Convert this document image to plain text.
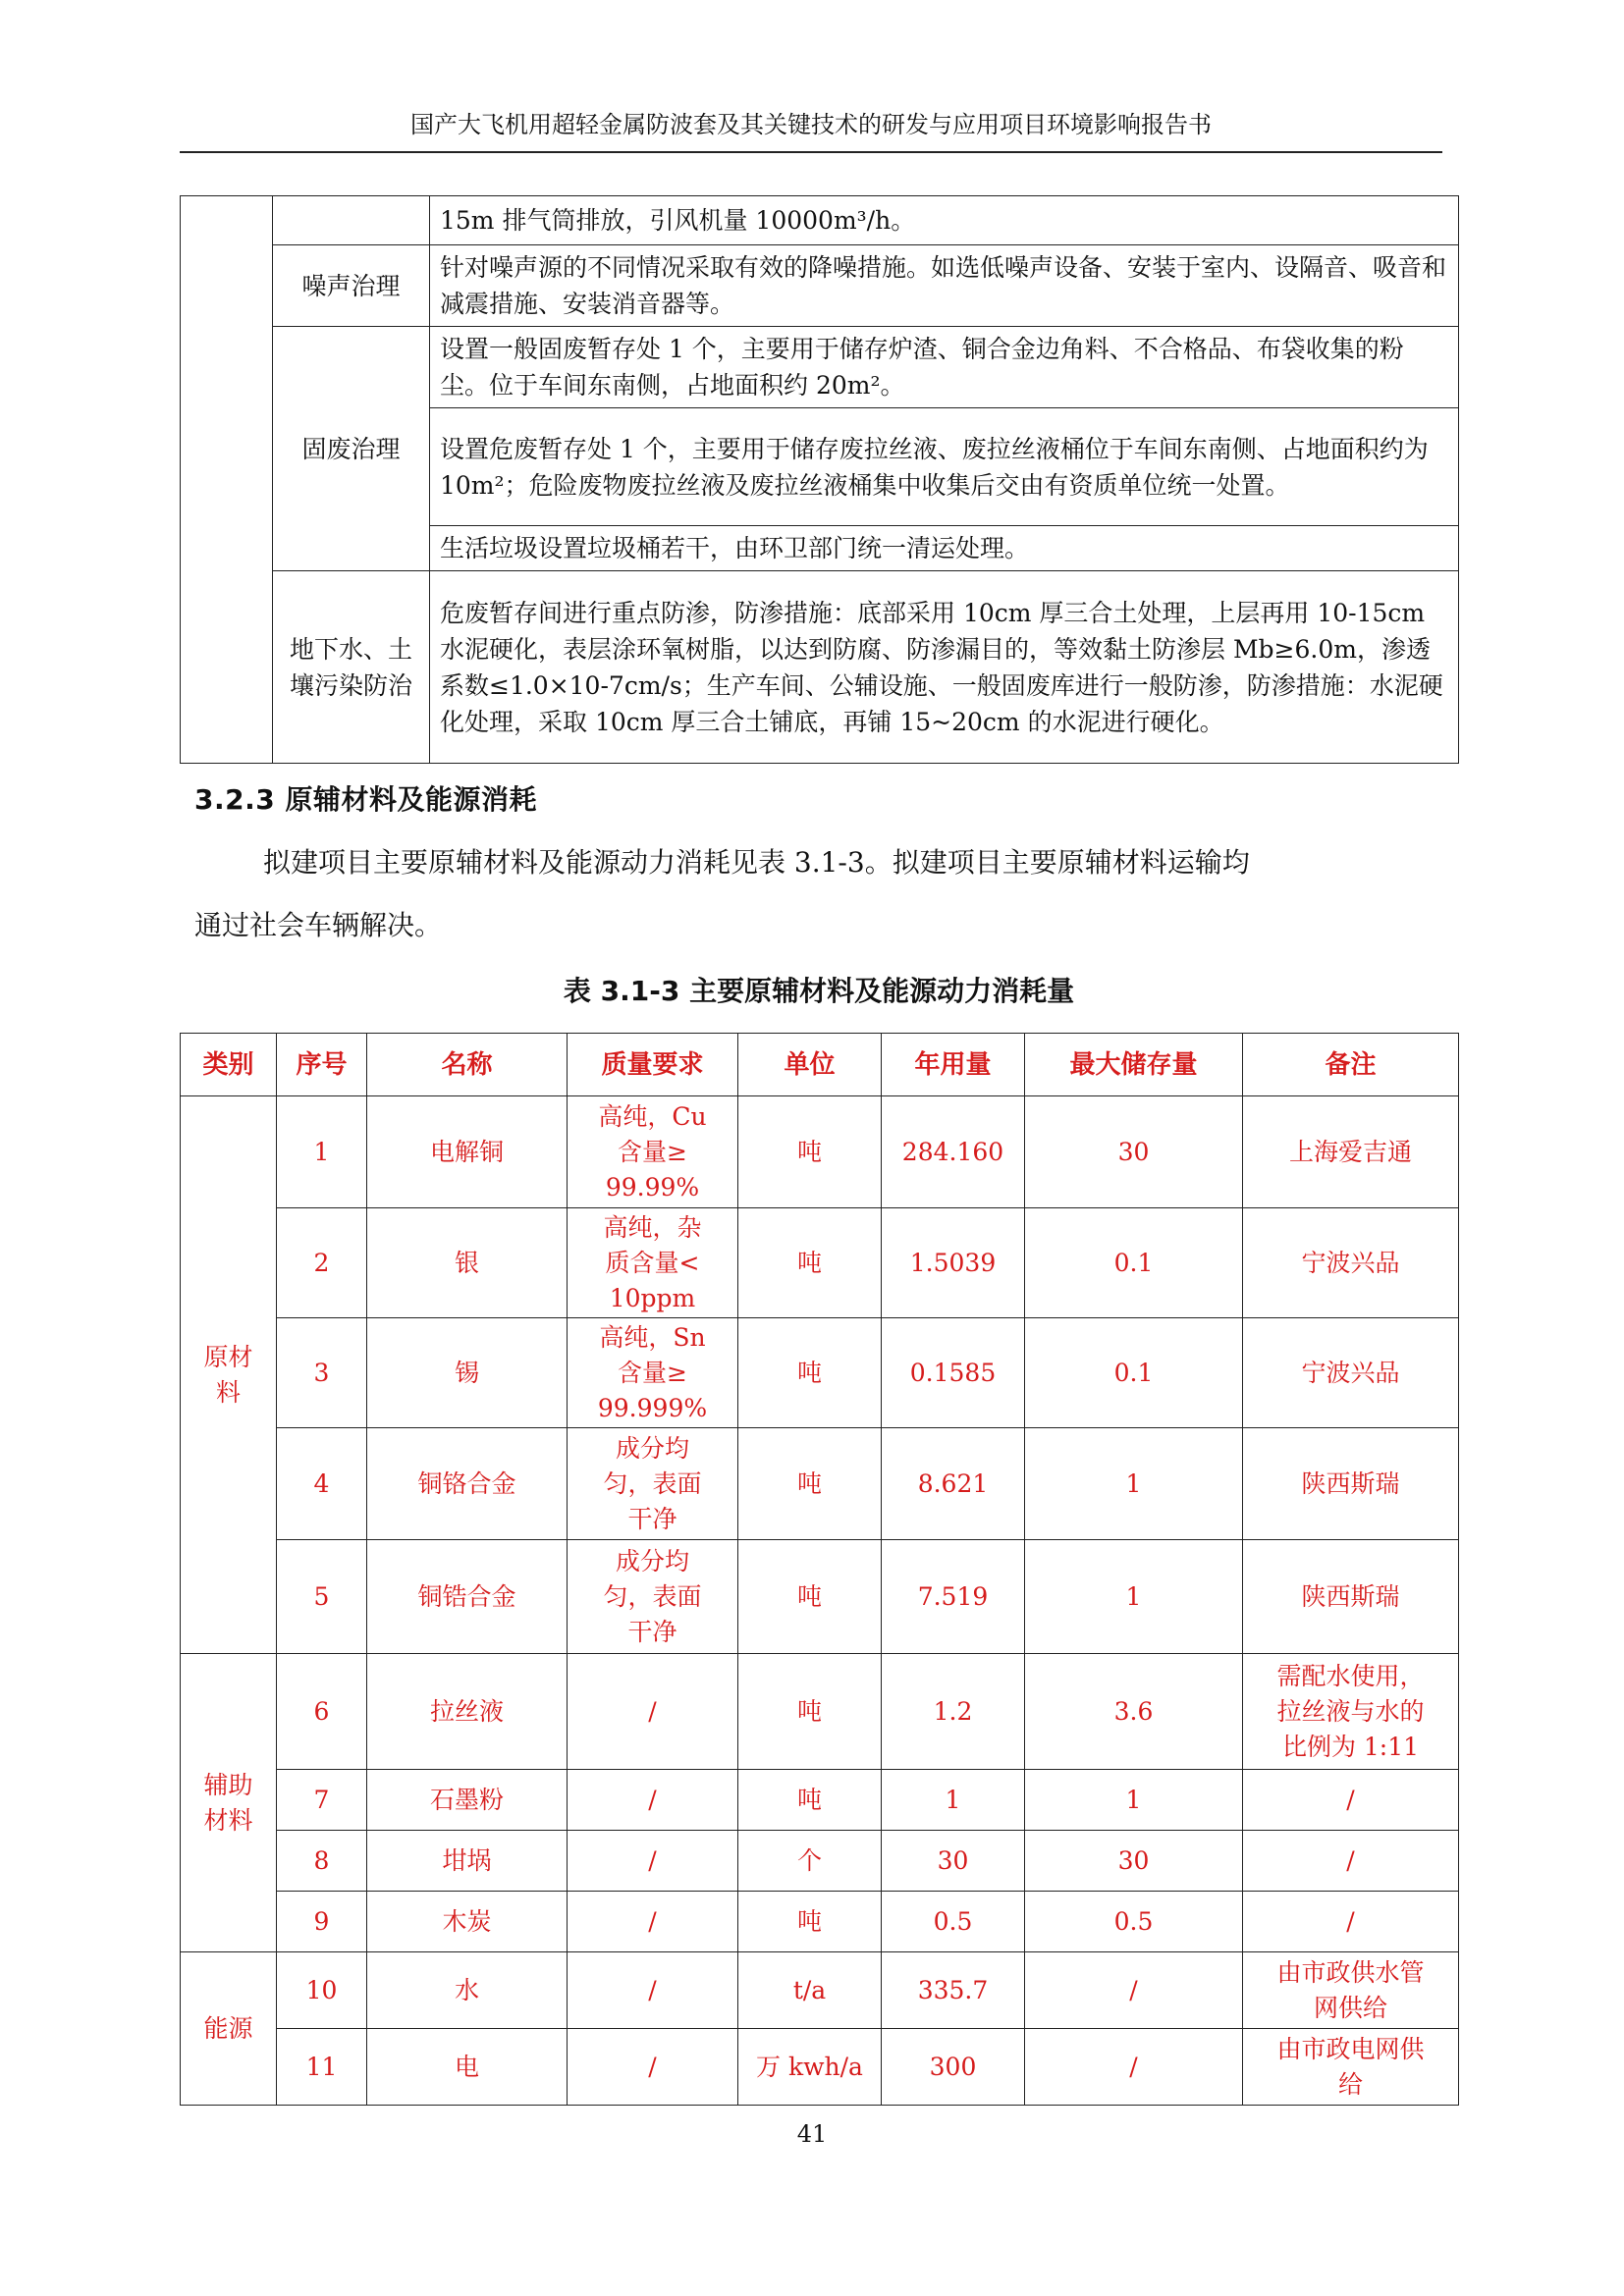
国产大飞机用超轻金属防波套及其关键技术的研发与应用项目环境影响报告书
		15m 排气筒排放，引风机量 10000m³/h。
	噪声治理	针对噪声源的不同情况采取有效的降噪措施。如选低噪声设备、安装于室内、设隔音、吸音和减震措施、安装消音器等。
	固废治理	设置一般固废暂存处 1 个，主要用于储存炉渣、铜合金边角料、不合格品、布袋收集的粉尘。位于车间东南侧，占地面积约 20m²。
		设置危废暂存处 1 个，主要用于储存废拉丝液、废拉丝液桶位于车间东南侧、占地面积约为 10m²；危险废物废拉丝液及废拉丝液桶集中收集后交由有资质单位统一处置。
		生活垃圾设置垃圾桶若干，由环卫部门统一清运处理。
	地下水、土壤污染防治	危废暂存间进行重点防渗，防渗措施：底部采用 10cm 厚三合土处理，上层再用 10-15cm 水泥硬化，表层涂环氧树脂，以达到防腐、防渗漏目的，等效黏土防渗层 Mb≥6.0m，渗透系数≤1.0×10-7cm/s；生产车间、公辅设施、一般固废库进行一般防渗，防渗措施：水泥硬化处理，采取 10cm 厚三合土铺底，再铺 15~20cm 的水泥进行硬化。
3.2.3 原辅材料及能源消耗
拟建项目主要原辅材料及能源动力消耗见表 3.1-3。拟建项目主要原辅材料运输均
通过社会车辆解决。
表 3.1-3 主要原辅材料及能源动力消耗量
类别	序号	名称	质量要求	单位	年用量	最大储存量	备注
原材
料	1	电解铜	高纯，Cu
含量≥
99.99%	吨	284.160	30	上海爱吉通
	2	银	高纯，杂
质含量<
10ppm	吨	1.5039	0.1	宁波兴品
	3	锡	高纯，Sn
含量≥
99.999%	吨	0.1585	0.1	宁波兴品
	4	铜铬合金	成分均
匀，表面
干净	吨	8.621	1	陕西斯瑞
	5	铜锆合金	成分均
匀，表面
干净	吨	7.519	1	陕西斯瑞
辅助
材料	6	拉丝液	/	吨	1.2	3.6	需配水使用，
拉丝液与水的
比例为 1:11
	7	石墨粉	/	吨	1	1	/
	8	坩埚	/	个	30	30	/
	9	木炭	/	吨	0.5	0.5	/
能源	10	水	/	t/a	335.7	/	由市政供水管
网供给
	11	电	/	万 kwh/a	300	/	由市政电网供
给
41
